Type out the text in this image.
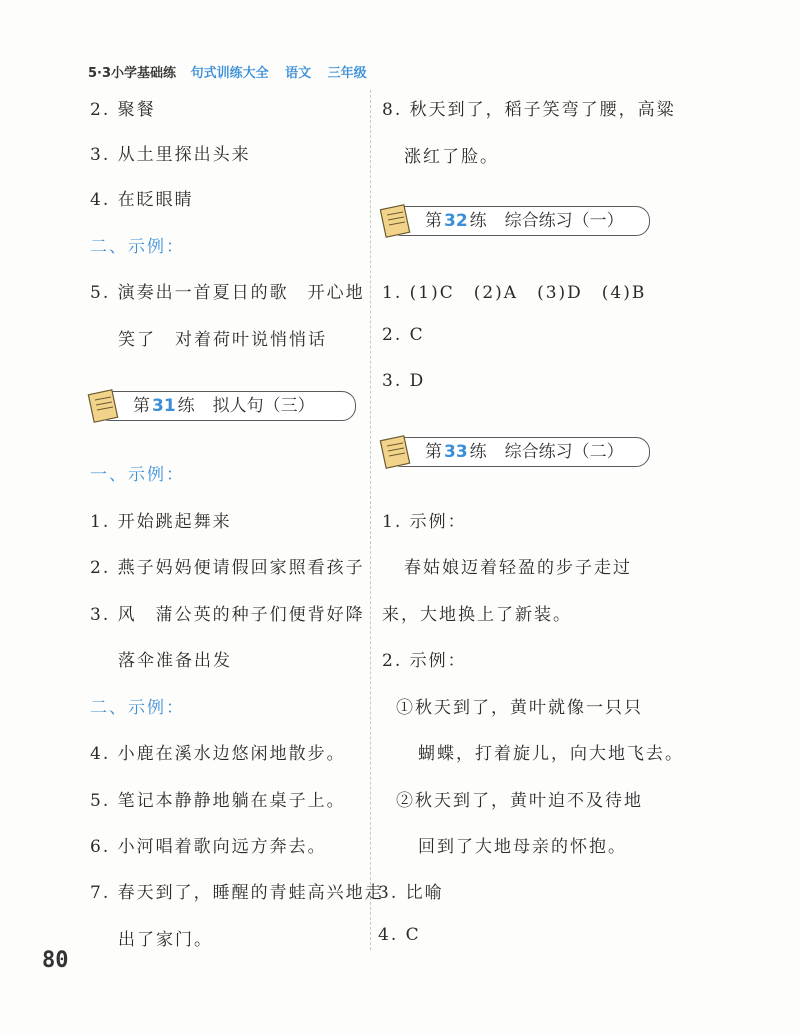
5·3小学基础练 句式训练大全 语文 三年级
2. 聚餐
3. 从土里探出头来
4. 在眨眼睛
二、示例：
5. 演奏出一首夏日的歌　开心地
笑了　对着荷叶说悄悄话
第 31 练 拟人句（三）
一、示例：
1. 开始跳起舞来
2. 燕子妈妈便请假回家照看孩子
3. 风　蒲公英的种子们便背好降
落伞准备出发
二、示例：
4. 小鹿在溪水边悠闲地散步。
5. 笔记本静静地躺在桌子上。
6. 小河唱着歌向远方奔去。
7. 春天到了，睡醒的青蛙高兴地走
出了家门。
8. 秋天到了，稻子笑弯了腰，高粱
涨红了脸。
第 32 练 综合练习（一）
1. (1)C　(2)A　(3)D　(4)B
2. C
3. D
第 33 练 综合练习（二）
1. 示例：
春姑娘迈着轻盈的步子走过
来，大地换上了新装。
2. 示例：
①秋天到了，黄叶就像一只只
蝴蝶，打着旋儿，向大地飞去。
②秋天到了，黄叶迫不及待地
回到了大地母亲的怀抱。
3. 比喻
4. C
80
